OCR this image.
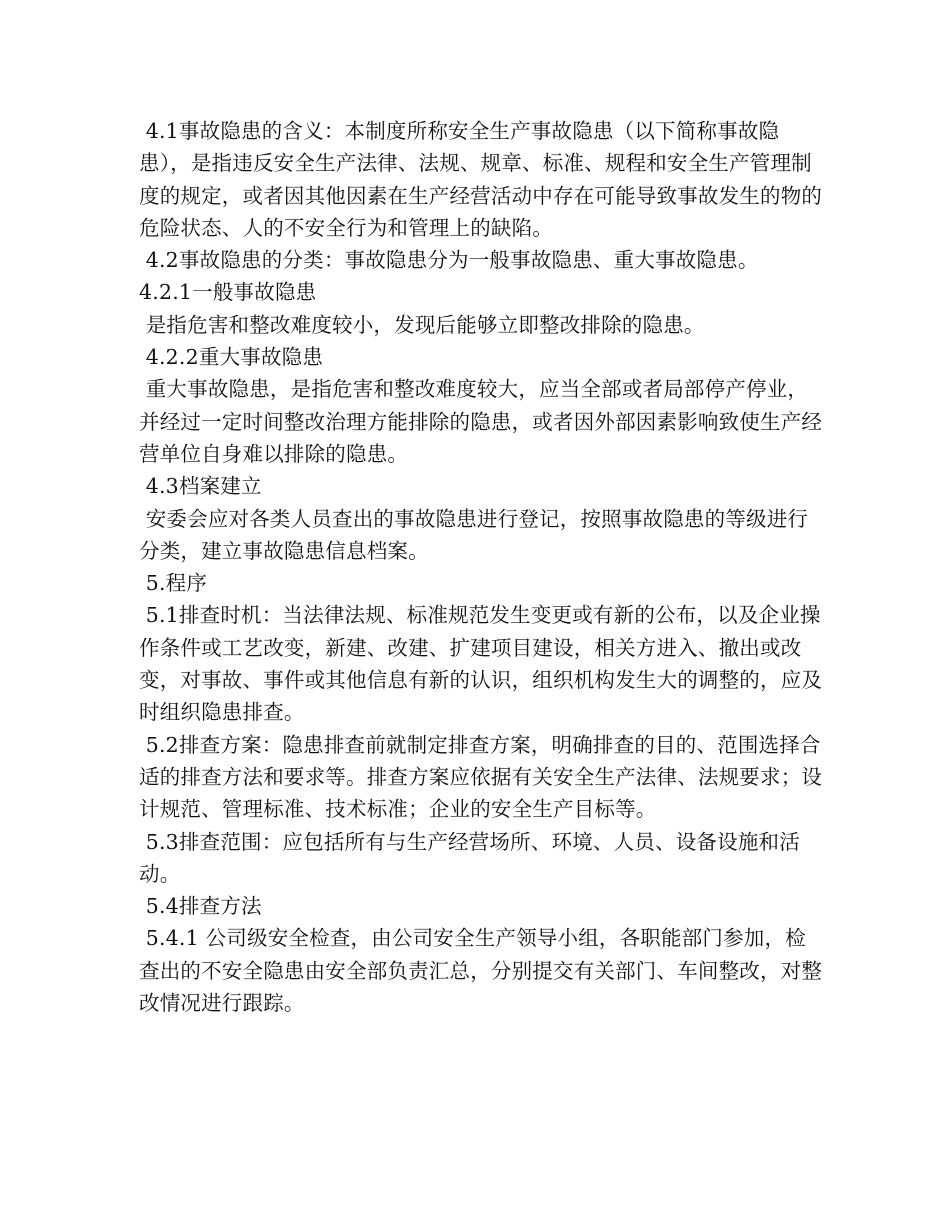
4.1事故隐患的含义：本制度所称安全生产事故隐患（以下简称事故隐患），是指违反安全生产法律、法规、规章、标准、规程和安全生产管理制度的规定，或者因其他因素在生产经营活动中存在可能导致事故发生的物的危险状态、人的不安全行为和管理上的缺陷。

4.2事故隐患的分类：事故隐患分为一般事故隐患、重大事故隐患。

4.2.1一般事故隐患

是指危害和整改难度较小，发现后能够立即整改排除的隐患。

4.2.2重大事故隐患

重大事故隐患，是指危害和整改难度较大，应当全部或者局部停产停业，并经过一定时间整改治理方能排除的隐患，或者因外部因素影响致使生产经营单位自身难以排除的隐患。

4.3档案建立

安委会应对各类人员查出的事故隐患进行登记，按照事故隐患的等级进行分类，建立事故隐患信息档案。

5.程序

5.1排查时机：当法律法规、标准规范发生变更或有新的公布，以及企业操作条件或工艺改变，新建、改建、扩建项目建设，相关方进入、撤出或改变，对事故、事件或其他信息有新的认识，组织机构发生大的调整的，应及时组织隐患排查。

5.2排查方案：隐患排查前就制定排查方案，明确排查的目的、范围选择合适的排查方法和要求等。排查方案应依据有关安全生产法律、法规要求；设计规范、管理标准、技术标准；企业的安全生产目标等。

5.3排查范围：应包括所有与生产经营场所、环境、人员、设备设施和活动。

5.4排查方法

5.4.1 公司级安全检查，由公司安全生产领导小组，各职能部门参加，检查出的不安全隐患由安全部负责汇总，分别提交有关部门、车间整改，对整改情况进行跟踪。
